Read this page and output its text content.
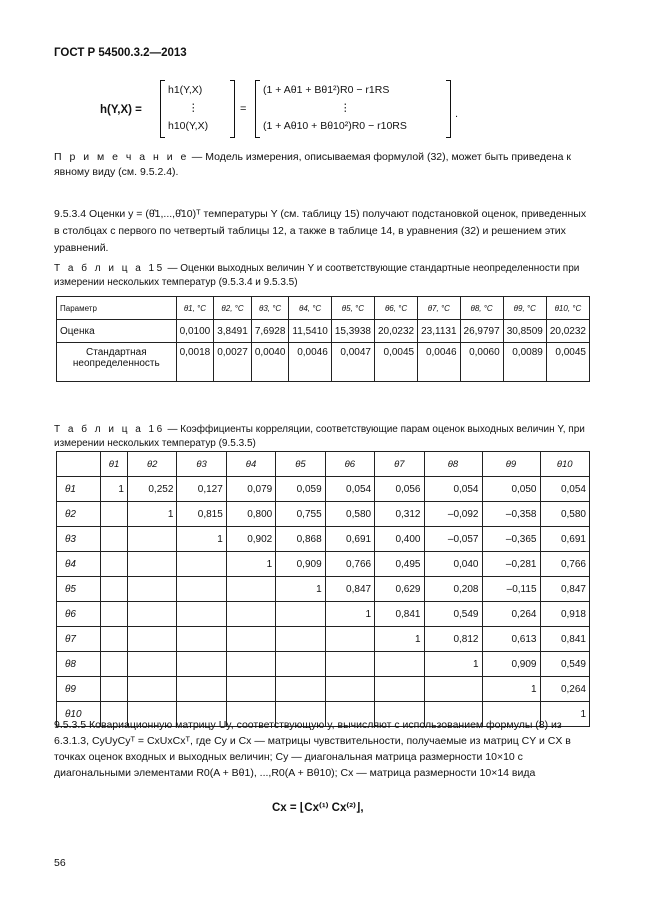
ГОСТ Р 54500.3.2—2013
h(Y,X) =
h1(Y,X)
⋮
h10(Y,X)
=
(1 + Aθ1 + Bθ1²)R0 − r1RS
⋮
(1 + Aθ10 + Bθ10²)R0 − r10RS
.
П р и м е ч а н и е — Модель измерения, описываемая формулой (32), может быть приведена к явному виду (см. 9.5.2.4).
9.5.3.4 Оценки y = (θ̂1,...,θ̂10)ᵀ температуры Y (см. таблицу 15) получают подстановкой оценок, приведенных в столбцах с первого по четвертый таблицы 12, а также в таблице 14, в уравнения (32) и решением этих уравнений.
Т а б л и ц а 15 — Оценки выходных величин Y и соответствующие стандартные неопределенности при измерении нескольких температур (9.5.3.4 и 9.5.3.5)
Параметр	θ1, °C	θ2, °C	θ3, °C	θ4, °C	θ5, °C	θ6, °C	θ7, °C	θ8, °C	θ9, °C	θ10, °C
Оценка	0,0100	3,8491	7,6928	11,5410	15,3938	20,0232	23,1131	26,9797	30,8509	20,0232
Стандартная неопределенность	0,0018	0,0027	0,0040	0,0046	0,0047	0,0045	0,0046	0,0060	0,0089	0,0045
Т а б л и ц а 16 — Коэффициенты корреляции, соответствующие парам оценок выходных величин Y, при измерении нескольких температур (9.5.3.5)
	θ1	θ2	θ3	θ4	θ5	θ6	θ7	θ8	θ9	θ10
θ1	1	0,252	0,127	0,079	0,059	0,054	0,056	0,054	0,050	0,054
θ2		1	0,815	0,800	0,755	0,580	0,312	–0,092	–0,358	0,580
θ3			1	0,902	0,868	0,691	0,400	–0,057	–0,365	0,691
θ4				1	0,909	0,766	0,495	0,040	–0,281	0,766
θ5					1	0,847	0,629	0,208	–0,115	0,847
θ6						1	0,841	0,549	0,264	0,918
θ7							1	0,812	0,613	0,841
θ8								1	0,909	0,549
θ9									1	0,264
θ10										1
9.5.3.5 Ковариационную матрицу Uy, соответствующую y, вычисляют с использованием формулы (8) из 6.3.1.3, CyUyCyᵀ = CxUxCxᵀ, где Cy и Cx — матрицы чувствительности, получаемые из матриц CY и CX в точках оценок входных и выходных величин; Cy — диагональная матрица размерности 10×10 с диагональными элементами R0(A + Bθ1), ...,R0(A + Bθ10); Cx — матрица размерности 10×14 вида
Cx = ⌊Cx⁽¹⁾ Cx⁽²⁾⌋,
56
